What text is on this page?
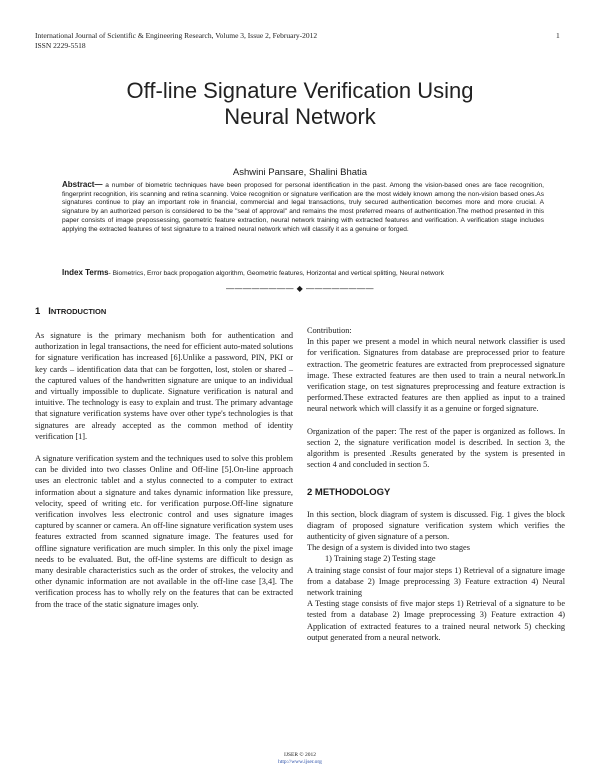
International Journal of Scientific & Engineering Research, Volume 3, Issue 2, February-2012
ISSN 2229-5518
1
Off-line Signature Verification Using
Neural Network
Ashwini Pansare, Shalini Bhatia
Abstract— a number of biometric techniques have been proposed for personal identification in the past. Among the vision-based ones are face recognition, fingerprint recognition, iris scanning and retina scanning. Voice recognition or signature verification are the most widely known among the non-vision based ones.As signatures continue to play an important role in financial, commercial and legal transactions, truly secured authentication becomes more and more crucial. A signature by an authorized person is considered to be the "seal of approval" and remains the most preferred means of authentication.The method presented in this paper consists of image prepossessing, geometric feature extraction, neural network training with extracted features and verification. A verification stage includes applying the extracted features of test signature to a trained neural network which will classify it as a genuine or forged.
Index Terms- Biometrics, Error back propogation algorithm, Geometric features, Horizontal and vertical splitting, Neural network
———————— ◆ ————————
1 INTRODUCTION

As signature is the primary mechanism both for authentication and authorization in legal transactions, the need for efficient auto-mated solutions for signature verification has increased [6].Unlike a password, PIN, PKI or key cards – identification data that can be forgotten, lost, stolen or shared – the captured values of the handwritten signature are unique to an individual and virtually impossible to duplicate. Signature verification is natural and intuitive. The technology is easy to explain and trust. The primary advantage that signature verification systems have over other type's technologies is that signatures are already accepted as the common method of identity verification [1].

A signature verification system and the techniques used to solve this problem can be divided into two classes Online and Off-line [5].On-line approach uses an electronic tablet and a stylus connected to a computer to extract information about a signature and takes dynamic information like pressure, velocity, speed of writing etc. for verification purpose.Off-line signature verification involves less electronic control and uses signature images captured by scanner or camera. An off-line signature verification system uses features extracted from scanned signature image. The features used for offline signature verification are much simpler. In this only the pixel image needs to be evaluated. But, the off-line systems are difficult to design as many desirable characteristics such as the order of strokes, the velocity and other dynamic information are not available in the off-line case [3,4]. The verification process has to wholly rely on the features that can be extracted from the trace of the static signature images only.

Contribution:

In this paper we present a model in which neural network classifier is used for verification. Signatures from database are preprocessed prior to feature extraction. The geometric features are extracted from preprocessed signature image. These extracted features are then used to train a neural network.In verification stage, on test signatures preprocessing and feature extraction is performed.These extracted features are then applied as input to a trained neural network which will classify it as a genuine or forged signature.

Organization of the paper: The rest of the paper is organized as follows. In section 2, the signature verification model is described. In section 3, the algorithm is presented .Results generated by the system is presented in section 4 and concluded in section 5.

2 METHODOLOGY

In this section, block diagram of system is discussed. Fig. 1 gives the block diagram of proposed signature verification system which verifies the authenticity of given signature of a person.

The design of a system is divided into two stages

1) Training stage 2) Testing stage

A training stage consist of four major steps 1) Retrieval of a signature image from a database 2) Image preprocessing 3) Feature extraction 4) Neural network training

A Testing stage consists of five major steps 1) Retrieval of a signature to be tested from a database 2) Image preprocessing 3) Feature extraction 4) Application of extracted features to a trained neural network 5) checking output generated from a neural network.

IJSER © 2012
http://www.ijser.org
